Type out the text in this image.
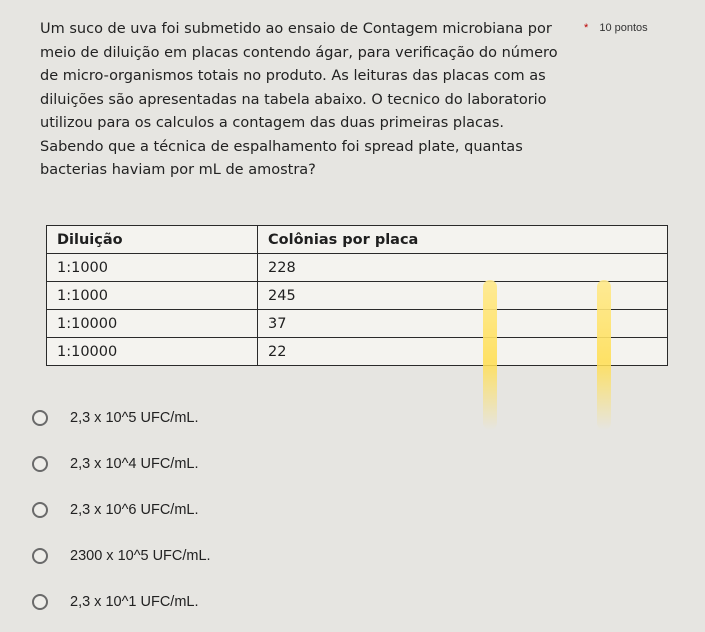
Um suco de uva foi submetido ao ensaio de Contagem microbiana por
meio de diluição em placas contendo ágar, para verificação do número
de micro-organismos totais no produto. As leituras das placas com as
diluições são apresentadas na tabela abaixo. O tecnico do laboratorio
utilizou para os calculos a contagem das duas primeiras placas.
Sabendo que a técnica de espalhamento foi spread plate, quantas
bacterias haviam por mL de amostra?
* 10 pontos
Diluição	Colônias por placa
1:1000	228
1:1000	245
1:10000	37
1:10000	22
2,3 x 10^5 UFC/mL.
2,3 x 10^4 UFC/mL.
2,3 x 10^6 UFC/mL.
2300 x 10^5 UFC/mL.
2,3 x 10^1 UFC/mL.
